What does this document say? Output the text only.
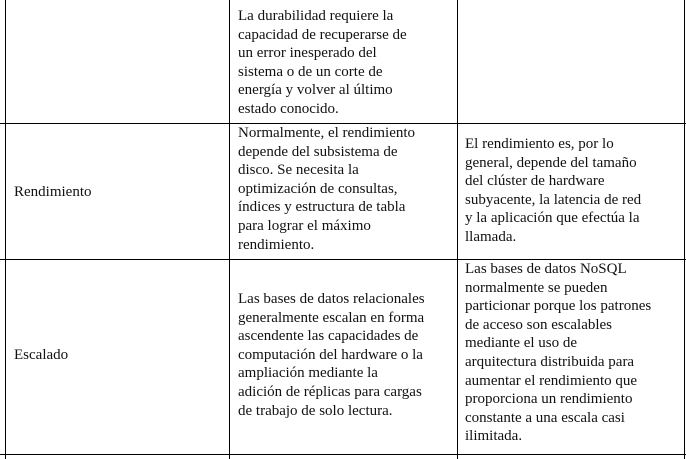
La durabilidad requiere la
capacidad de recuperarse de
un error inesperado del
sistema o de un corte de
energía y volver al último
estado conocido.
Rendimiento
Normalmente, el rendimiento
depende del subsistema de
disco. Se necesita la
optimización de consultas,
índices y estructura de tabla
para lograr el máximo
rendimiento.
El rendimiento es, por lo
general, depende del tamaño
del clúster de hardware
subyacente, la latencia de red
y la aplicación que efectúa la
llamada.
Escalado
Las bases de datos relacionales
generalmente escalan en forma
ascendente las capacidades de
computación del hardware o la
ampliación mediante la
adición de réplicas para cargas
de trabajo de solo lectura.
Las bases de datos NoSQL
normalmente se pueden
particionar porque los patrones
de acceso son escalables
mediante el uso de
arquitectura distribuida para
aumentar el rendimiento que
proporciona un rendimiento
constante a una escala casi
ilimitada.
